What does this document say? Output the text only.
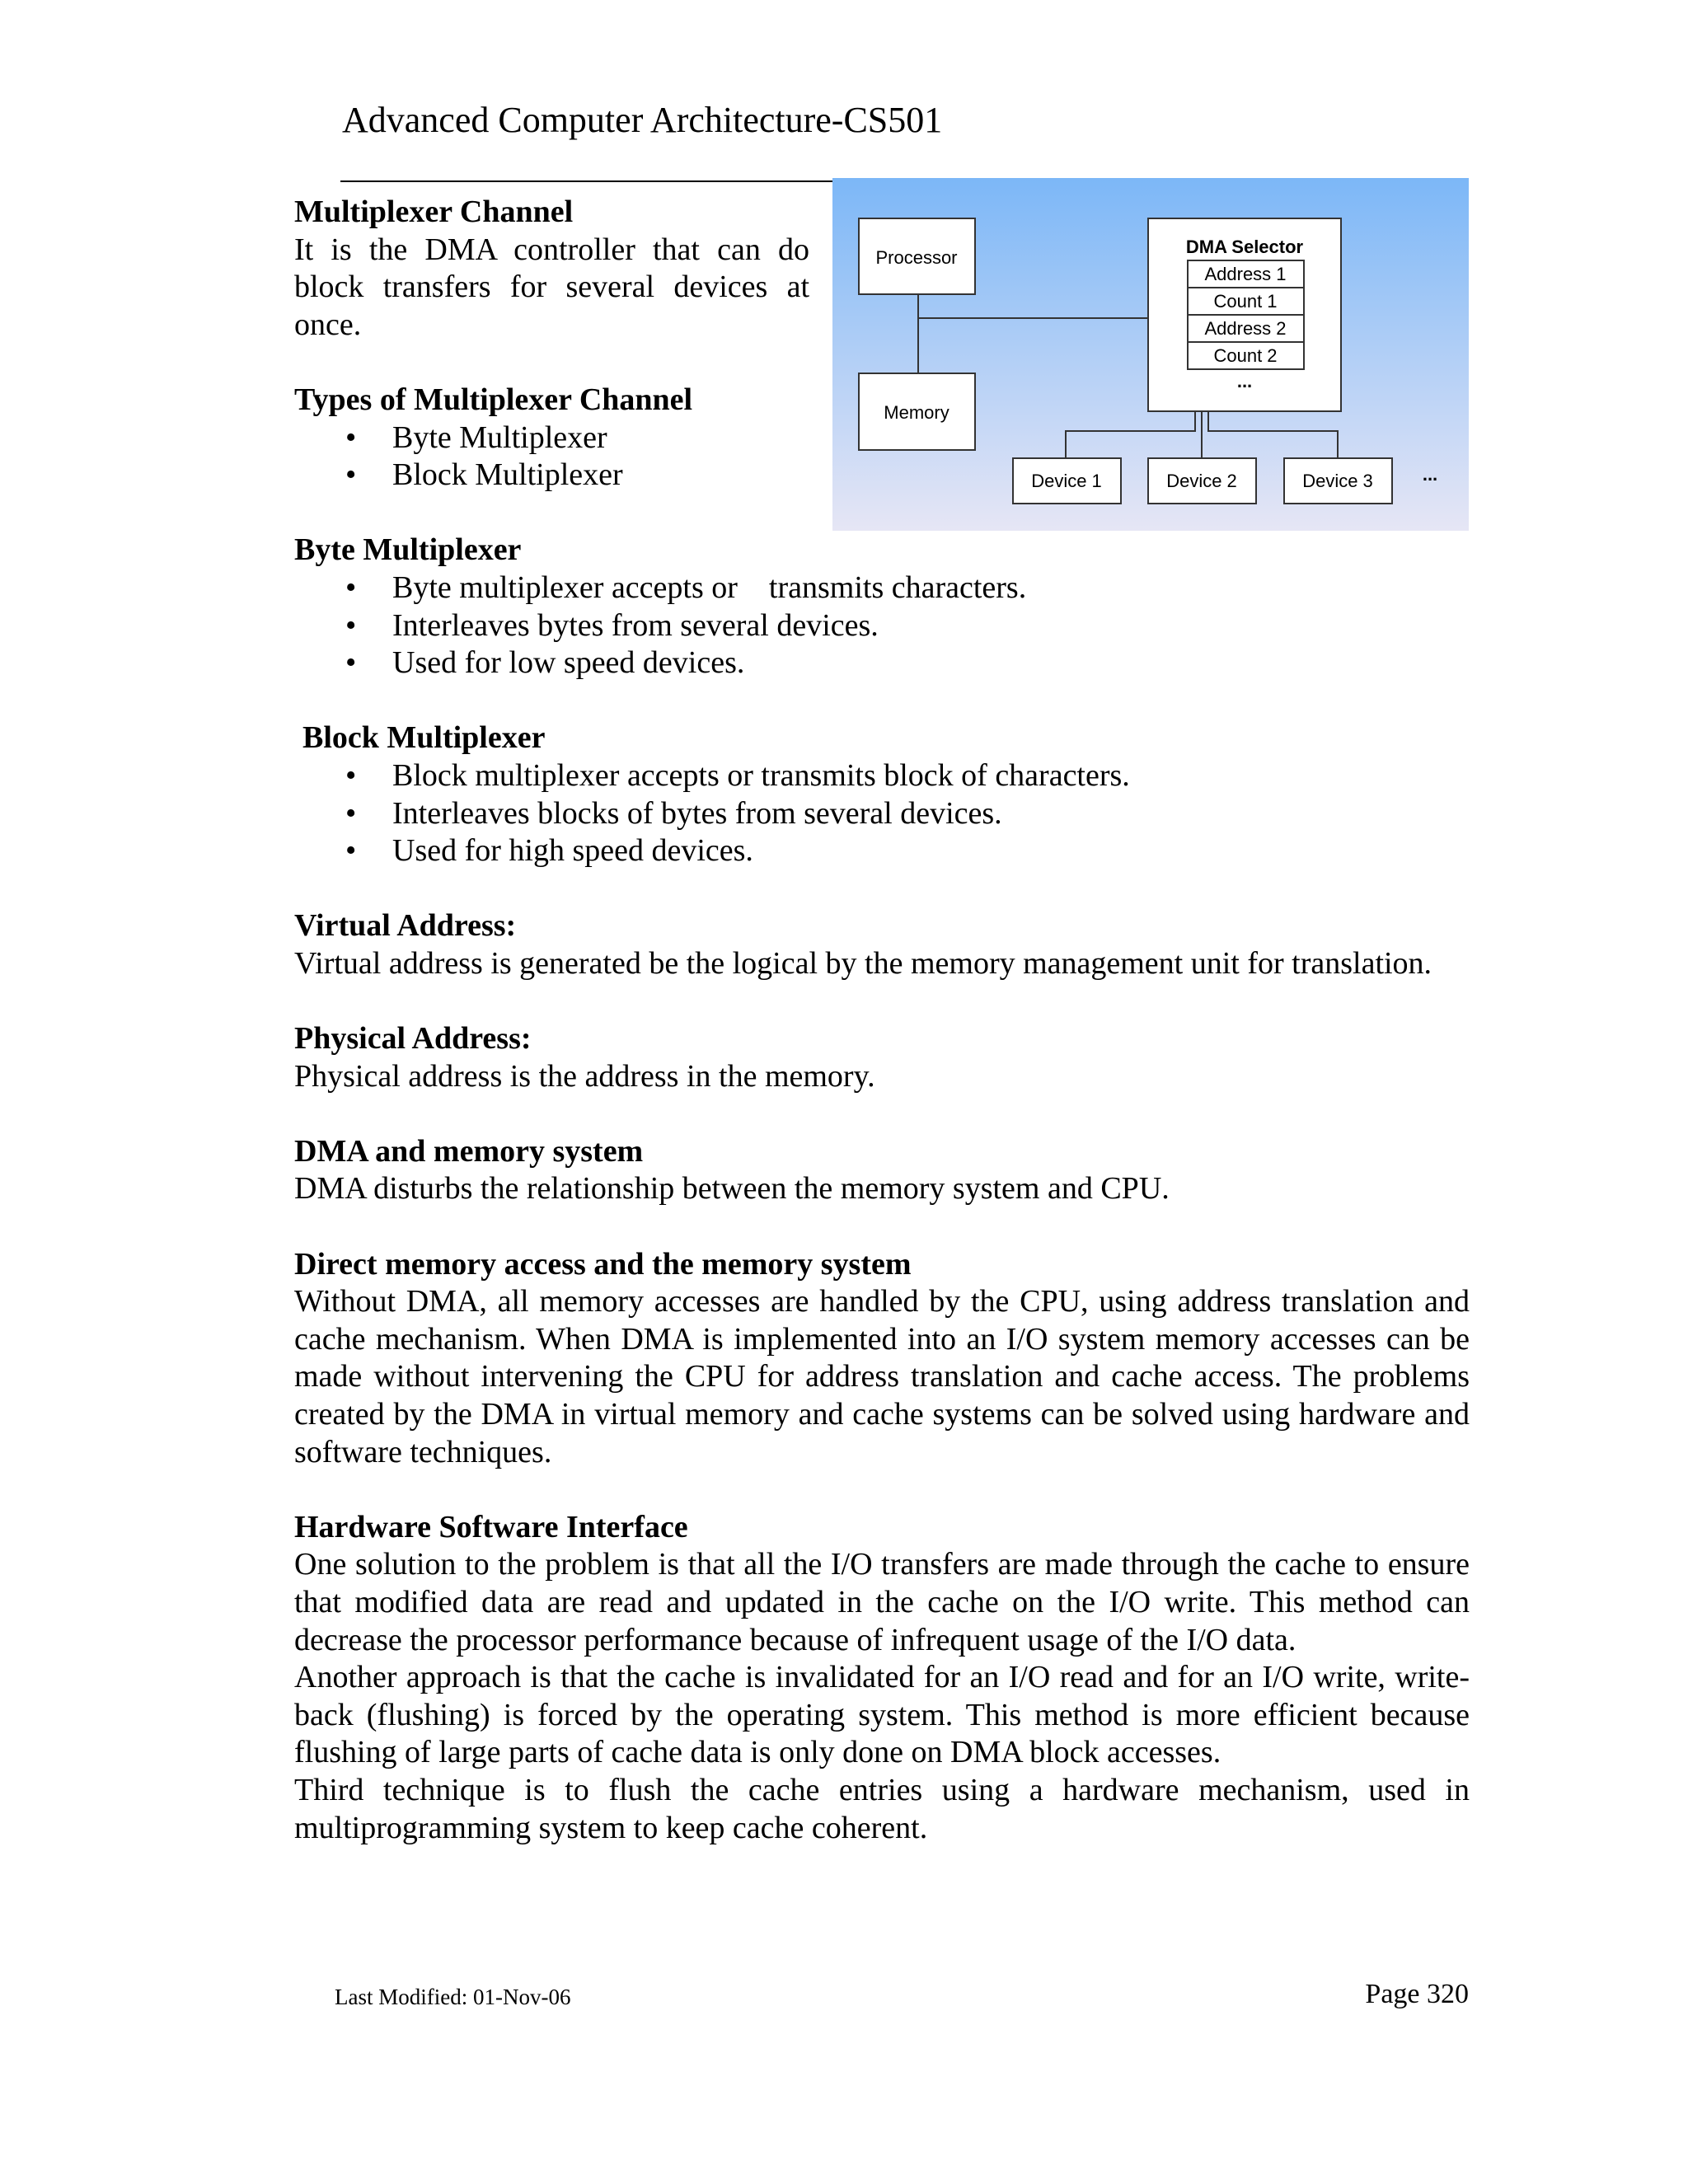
Advanced Computer Architecture-CS501
Processor
Memory
DMA Selector
Address 1
Count 1
Address 2
Count 2
...
Device 1	Device 2	Device 3	...
Multiplexer Channel
It is the DMA controller that can do block transfers for several devices at once.
Types of Multiplexer Channel
• Byte Multiplexer
• Block Multiplexer
Byte Multiplexer
• Byte multiplexer accepts or    transmits characters.
• Interleaves bytes from several devices.
• Used for low speed devices.
Block Multiplexer
• Block multiplexer accepts or transmits block of characters.
• Interleaves blocks of bytes from several devices.
• Used for high speed devices.
Virtual Address:
Virtual address is generated be the logical by the memory management unit for translation.
Physical Address:
Physical address is the address in the memory.
DMA and memory system
DMA disturbs the relationship between the memory system and CPU.
Direct memory access and the memory system
Without DMA, all memory accesses are handled by the CPU, using address translation and cache mechanism. When DMA is implemented into an I/O system memory accesses can be made without intervening the CPU for address translation and cache access. The problems created by the DMA in virtual memory and cache systems can be solved using hardware and software techniques.
Hardware Software Interface
One solution to the problem is that all the I/O transfers are made through the cache to ensure that modified data are read and updated in the cache on the I/O write. This method can decrease the processor performance because of infrequent usage of the I/O data.
Another approach is that the cache is invalidated for an I/O read and for an I/O write, write-back (flushing) is forced by the operating system. This method is more efficient because flushing of large parts of cache data is only done on DMA block accesses.
Third technique is to flush the cache entries using a hardware mechanism, used in multiprogramming system to keep cache coherent.
Last Modified: 01-Nov-06	Page 320
